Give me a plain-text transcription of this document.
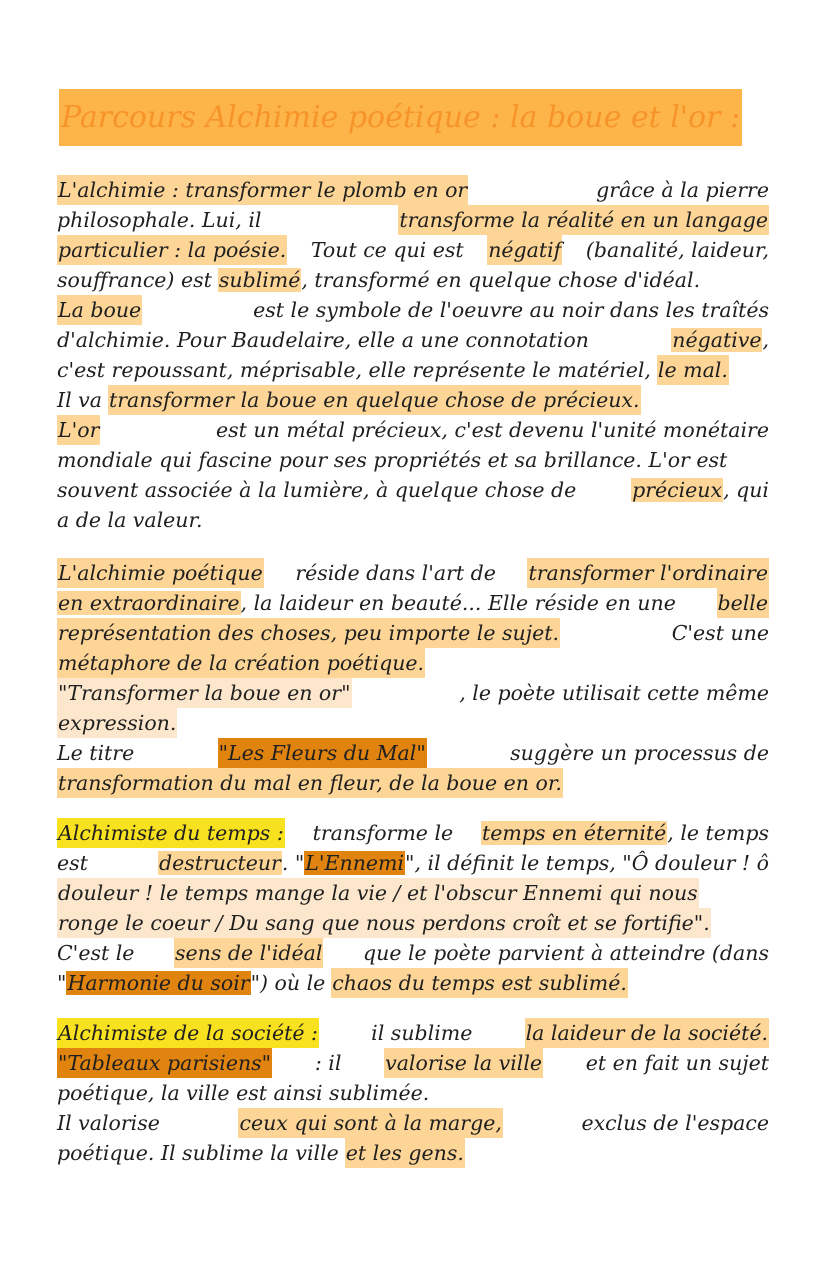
Parcours Alchimie poétique : la boue et l'or :
L'alchimie : transformer le plomb en or	grâce à la pierre
philosophale. Lui, il	transforme la réalité en un langage
particulier : la poésie. Tout ce qui est négatif (banalité, laideur,
souffrance) est sublimé, transformé en quelque chose d'idéal.
La boue	est le symbole de l'oeuvre au noir dans les traîtés
d'alchimie. Pour Baudelaire, elle a une connotation	négative,
c'est repoussant, méprisable, elle représente le matériel, le mal.
Il va transformer la boue en quelque chose de précieux.
L'or	est un métal précieux, c'est devenu l'unité monétaire
mondiale qui fascine pour ses propriétés et sa brillance. L'or est
souvent associée à la lumière, à quelque chose de	précieux, qui
a de la valeur.
L'alchimie poétique réside dans l'art de transformer l'ordinaire
en extraordinaire, la laideur en beauté... Elle réside en une belle
représentation des choses, peu importe le sujet.	C'est une
métaphore de la création poétique.
"Transformer la boue en or"	, le poète utilisait cette même
expression.
Le titre	"Les Fleurs du Mal"	suggère un processus de
transformation du mal en fleur, de la boue en or.
Alchimiste du temps : transforme le temps en éternité, le temps
est	destructeur. "L'Ennemi", il définit le temps, "Ô douleur ! ô
douleur ! le temps mange la vie / et l'obscur Ennemi qui nous
ronge le coeur / Du sang que nous perdons croît et se fortifie".
C'est le sens de l'idéal que le poète parvient à atteindre (dans
"Harmonie du soir") où le chaos du temps est sublimé.
Alchimiste de la société :	il sublime	la laideur de la société.
"Tableaux parisiens" : il valorise la ville et en fait un sujet
poétique, la ville est ainsi sublimée.
Il valorise	ceux qui sont à la marge,	exclus de l'espace
poétique. Il sublime la ville et les gens.
